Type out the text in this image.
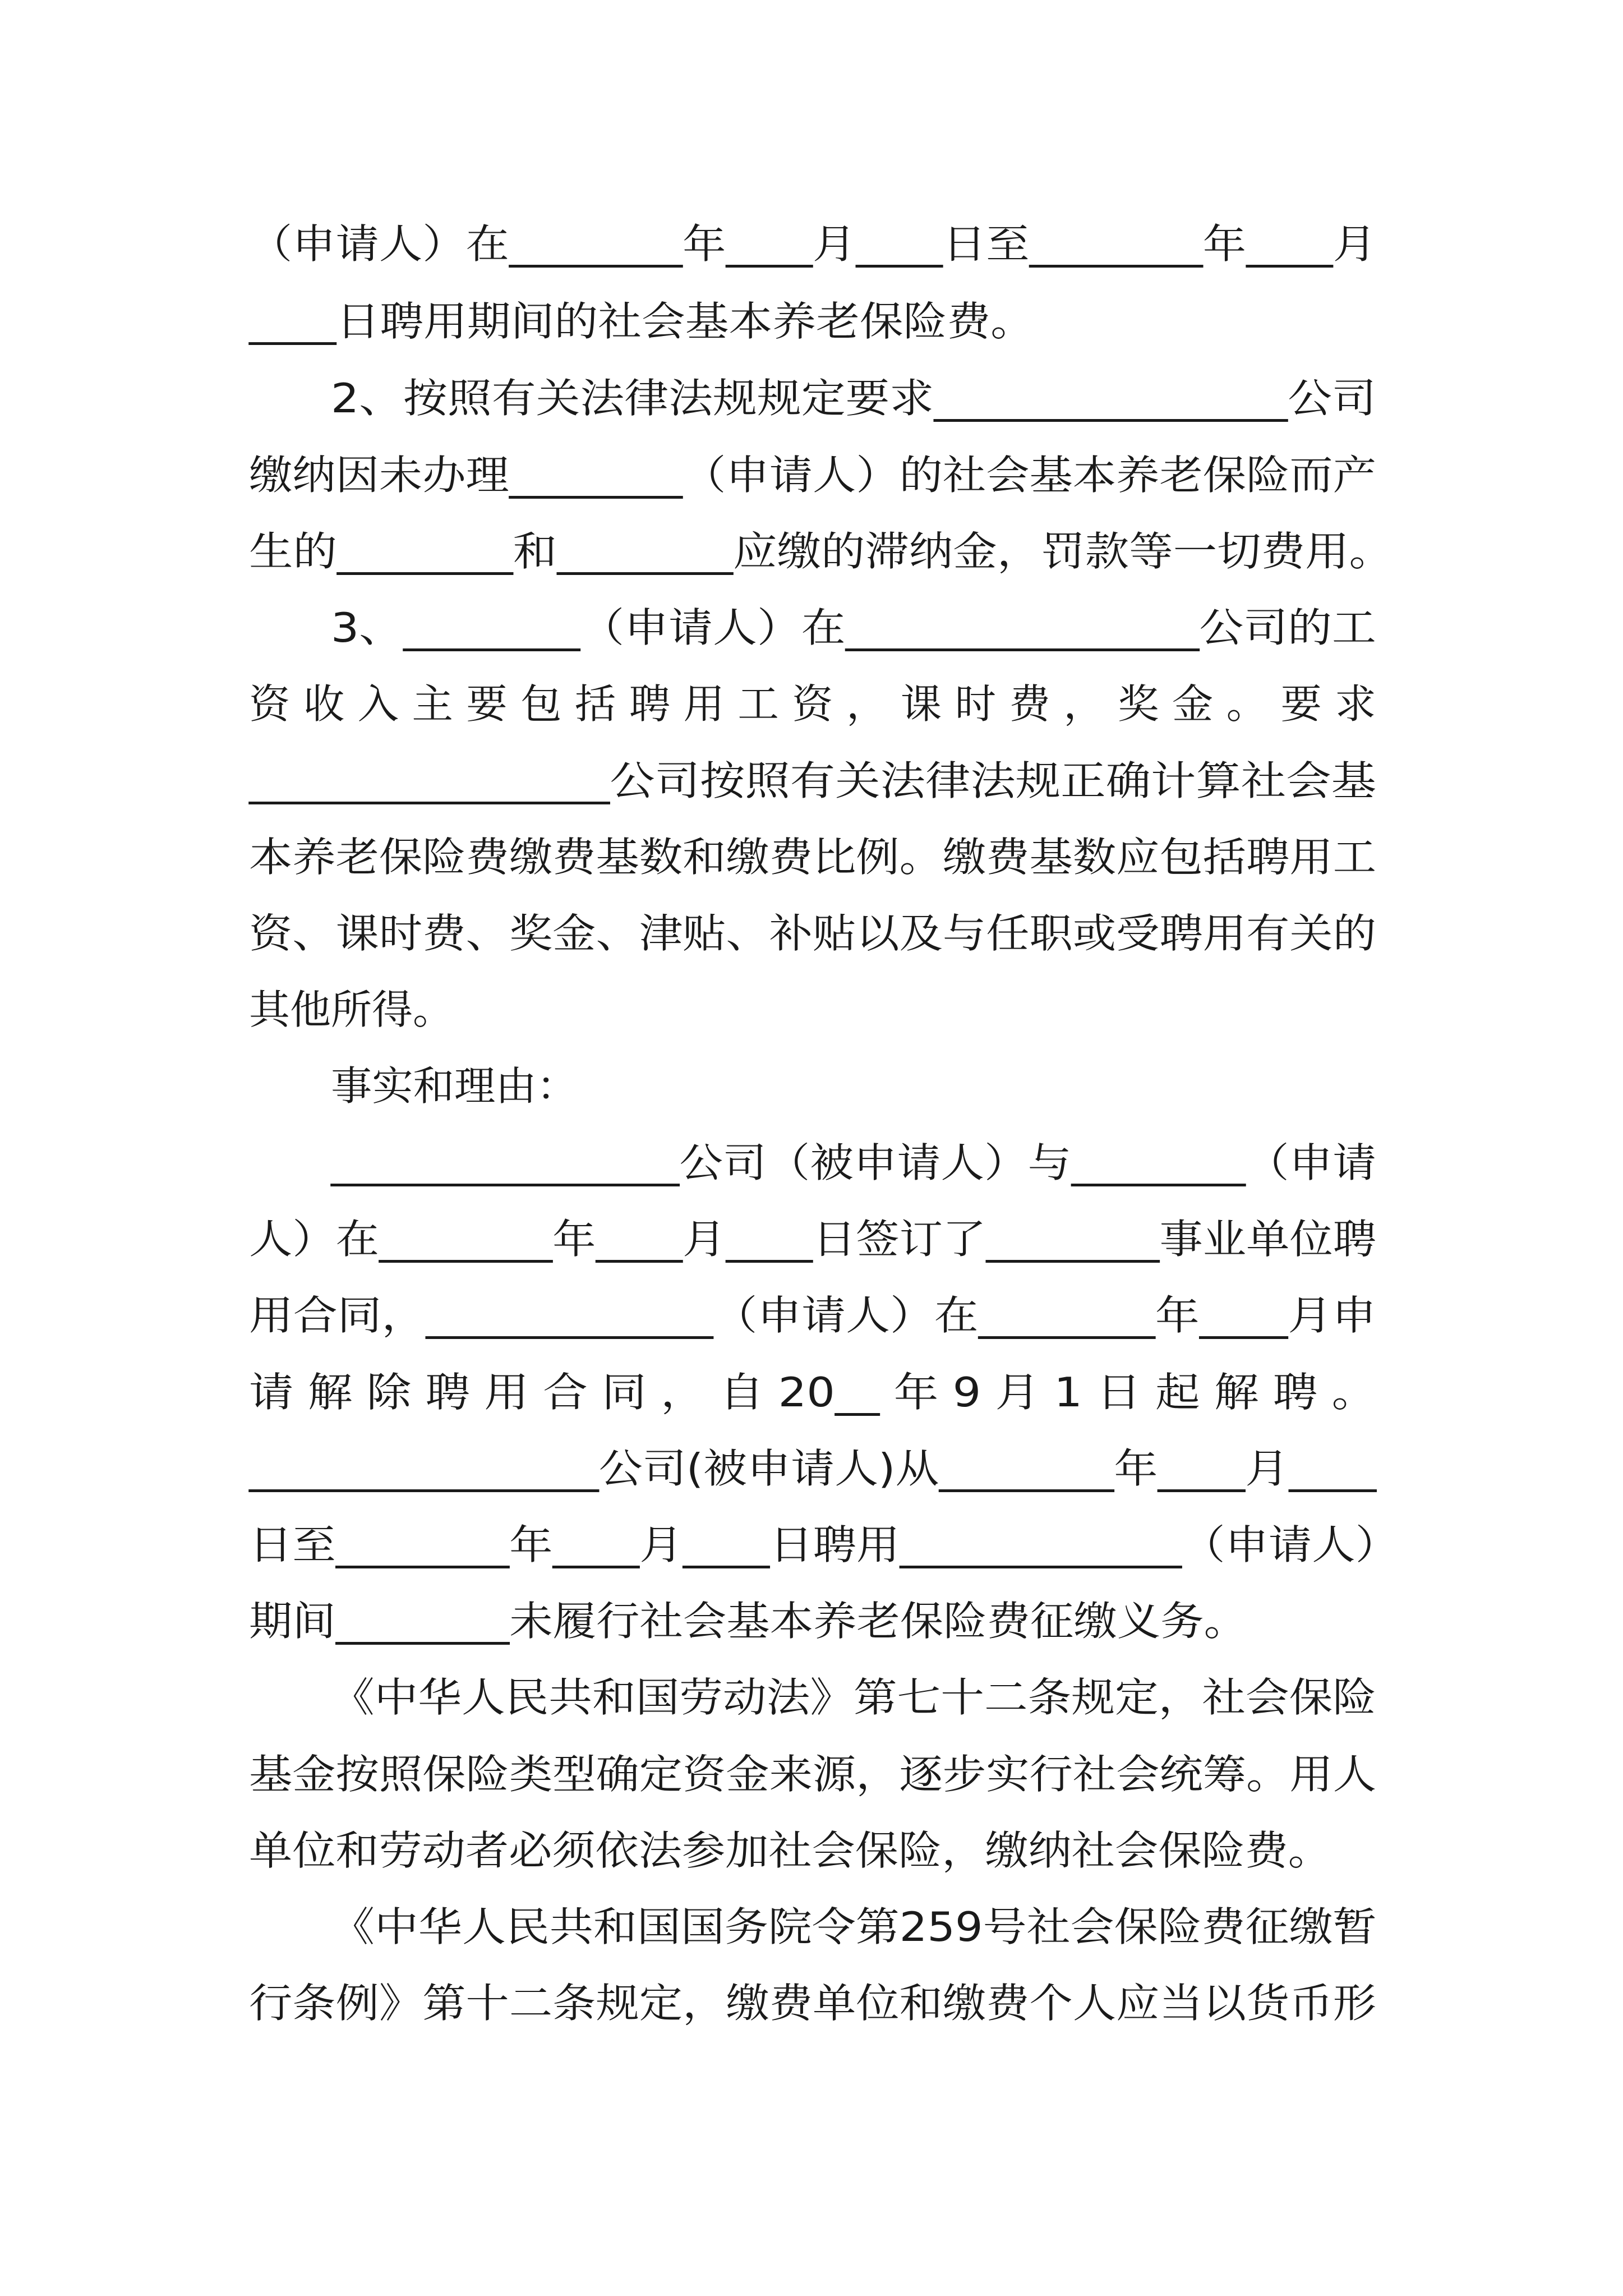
（申请人）在________年____月____日至________年____月

____日聘用期间的社会基本养老保险费。

2、按照有关法律法规规定要求________________公司

缴纳因未办理________（申请人）的社会基本养老保险而产

生的________和________应缴的滞纳金，罚款等一切费用。

3、________（申请人）在________________公司的工

资 收 入 主 要 包 括 聘 用 工 资 ， 课 时 费 ， 奖 金 。 要 求

________________公司按照有关法律法规正确计算社会基

本养老保险费缴费基数和缴费比例。缴费基数应包括聘用工

资、课时费、奖金、津贴、补贴以及与任职或受聘用有关的

其他所得。

事实和理由：

________________公司（被申请人）与________（申请

人）在________年____月____日签订了________事业单位聘

用合同，_____________（申请人）在________年____月申

请 解 除 聘 用 合 同 ， 自 20__ 年 9 月 1 日 起 解 聘 。

________________公司(被申请人)从________年____月____

日至________年____月____日聘用_____________（申请人）

期间________未履行社会基本养老保险费征缴义务。

《中华人民共和国劳动法》第七十二条规定，社会保险

基金按照保险类型确定资金来源，逐步实行社会统筹。用人

单位和劳动者必须依法参加社会保险，缴纳社会保险费。

《中华人民共和国国务院令第259号社会保险费征缴暂

行条例》第十二条规定，缴费单位和缴费个人应当以货币形
